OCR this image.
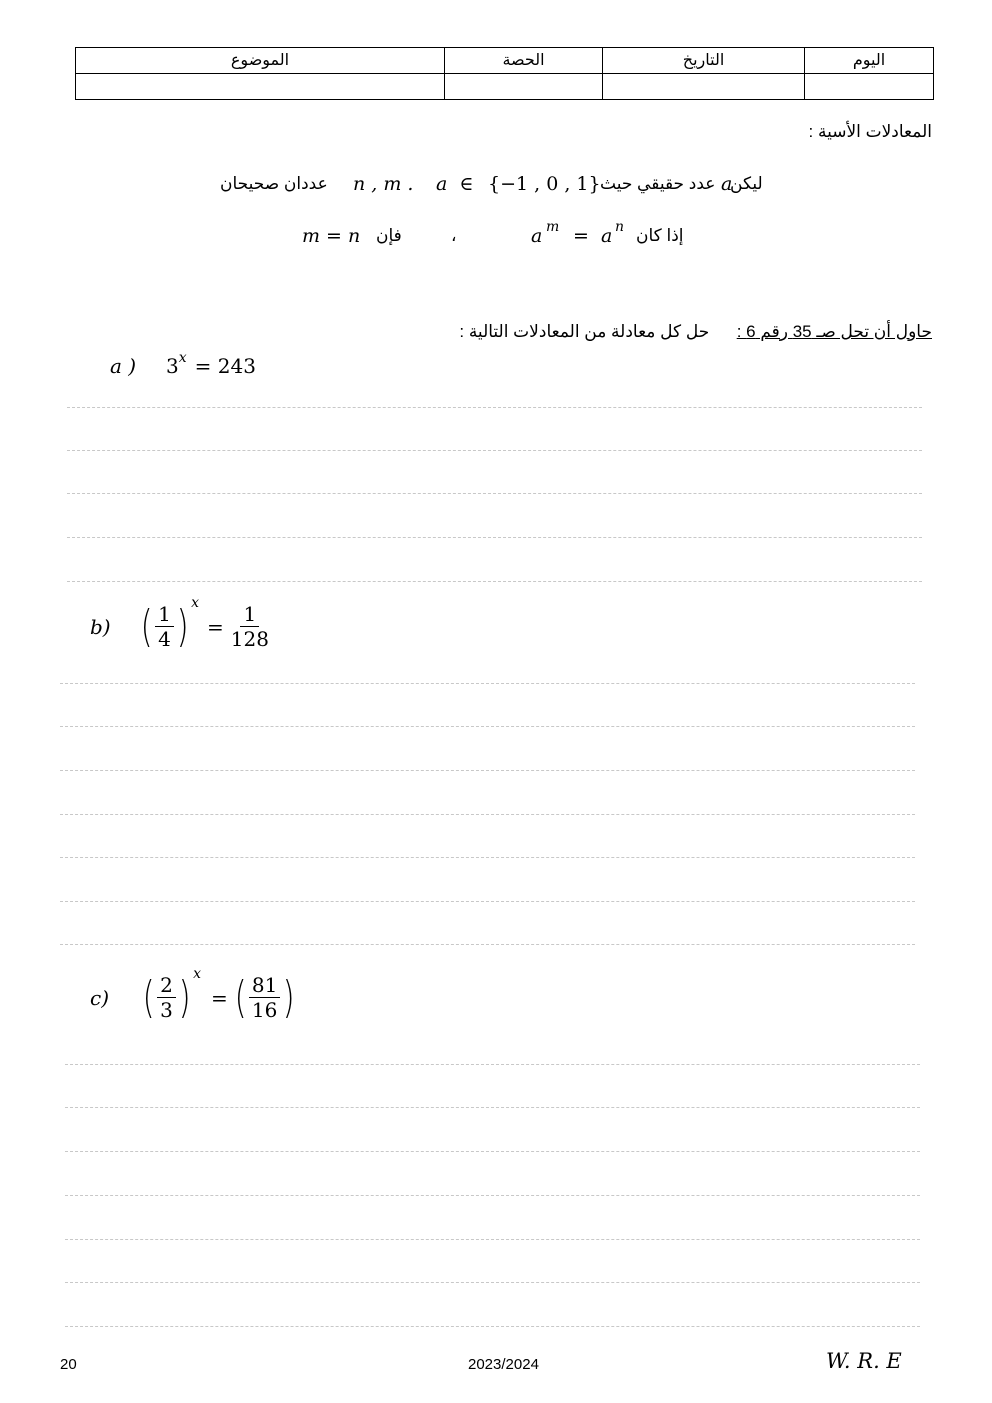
اليوم	التاريخ	الحصة	الموضوع

المعادلات الأسية :
ليكن
a
عدد حقيقي حيث
{−1 , 0 , 1}
a  ∈
n , m .
عددان صحيحان
إذا كان
a m = a n
،
فإن
m = n
حاول أن تحل صـ 35 رقم 6 :  حل كل معادلة من المعادلات التالية :
a )	3 x = 243
b) ( $\frac{1}{4}$ ) x
= $\frac{1}{128}$
c) ( $\frac{2}{3}$ ) x
= ( $\frac{81}{16}$ )
20	2023/2024	W. R. E
